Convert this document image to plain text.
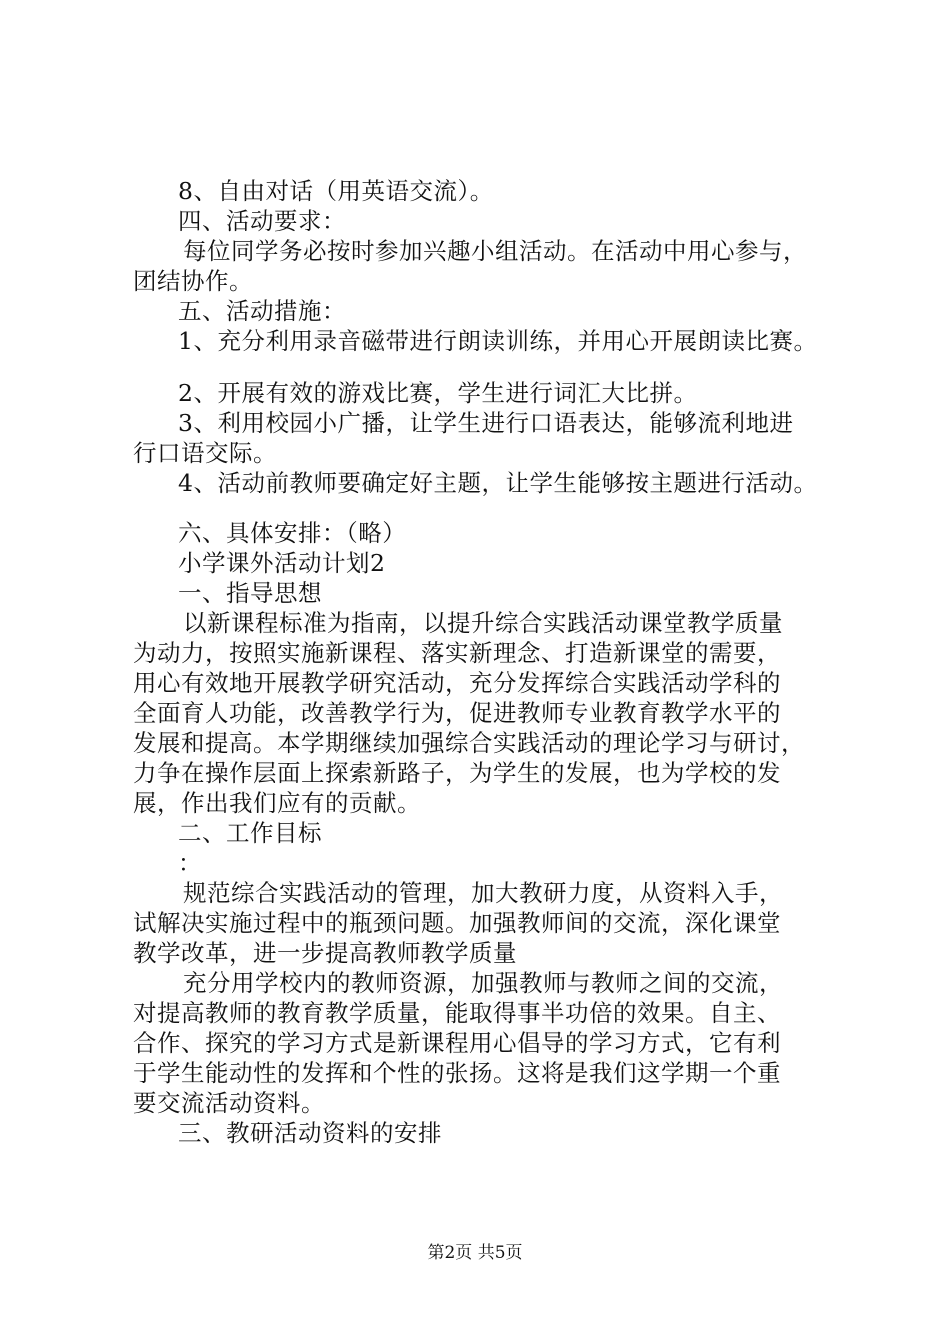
8、自由对话（用英语交流）。
四、活动要求：
每位同学务必按时参加兴趣小组活动。在活动中用心参与，
团结协作。
五、活动措施：
1、充分利用录音磁带进行朗读训练，并用心开展朗读比赛。
2、开展有效的游戏比赛，学生进行词汇大比拼。
3、利用校园小广播，让学生进行口语表达，能够流利地进
行口语交际。
4、活动前教师要确定好主题，让学生能够按主题进行活动。
六、具体安排：（略）
小学课外活动计划2
一、指导思想
以新课程标准为指南，以提升综合实践活动课堂教学质量
为动力，按照实施新课程、落实新理念、打造新课堂的需要，
用心有效地开展教学研究活动，充分发挥综合实践活动学科的
全面育人功能，改善教学行为，促进教师专业教育教学水平的
发展和提高。本学期继续加强综合实践活动的理论学习与研讨，
力争在操作层面上探索新路子，为学生的发展，也为学校的发
展，作出我们应有的贡献。
二、工作目标
：
规范综合实践活动的管理，加大教研力度，从资料入手，
试解决实施过程中的瓶颈问题。加强教师间的交流，深化课堂
教学改革，进一步提高教师教学质量
充分用学校内的教师资源，加强教师与教师之间的交流，
对提高教师的教育教学质量，能取得事半功倍的效果。自主、
合作、探究的学习方式是新课程用心倡导的学习方式，它有利
于学生能动性的发挥和个性的张扬。这将是我们这学期一个重
要交流活动资料。
三、教研活动资料的安排
第2页 共5页
